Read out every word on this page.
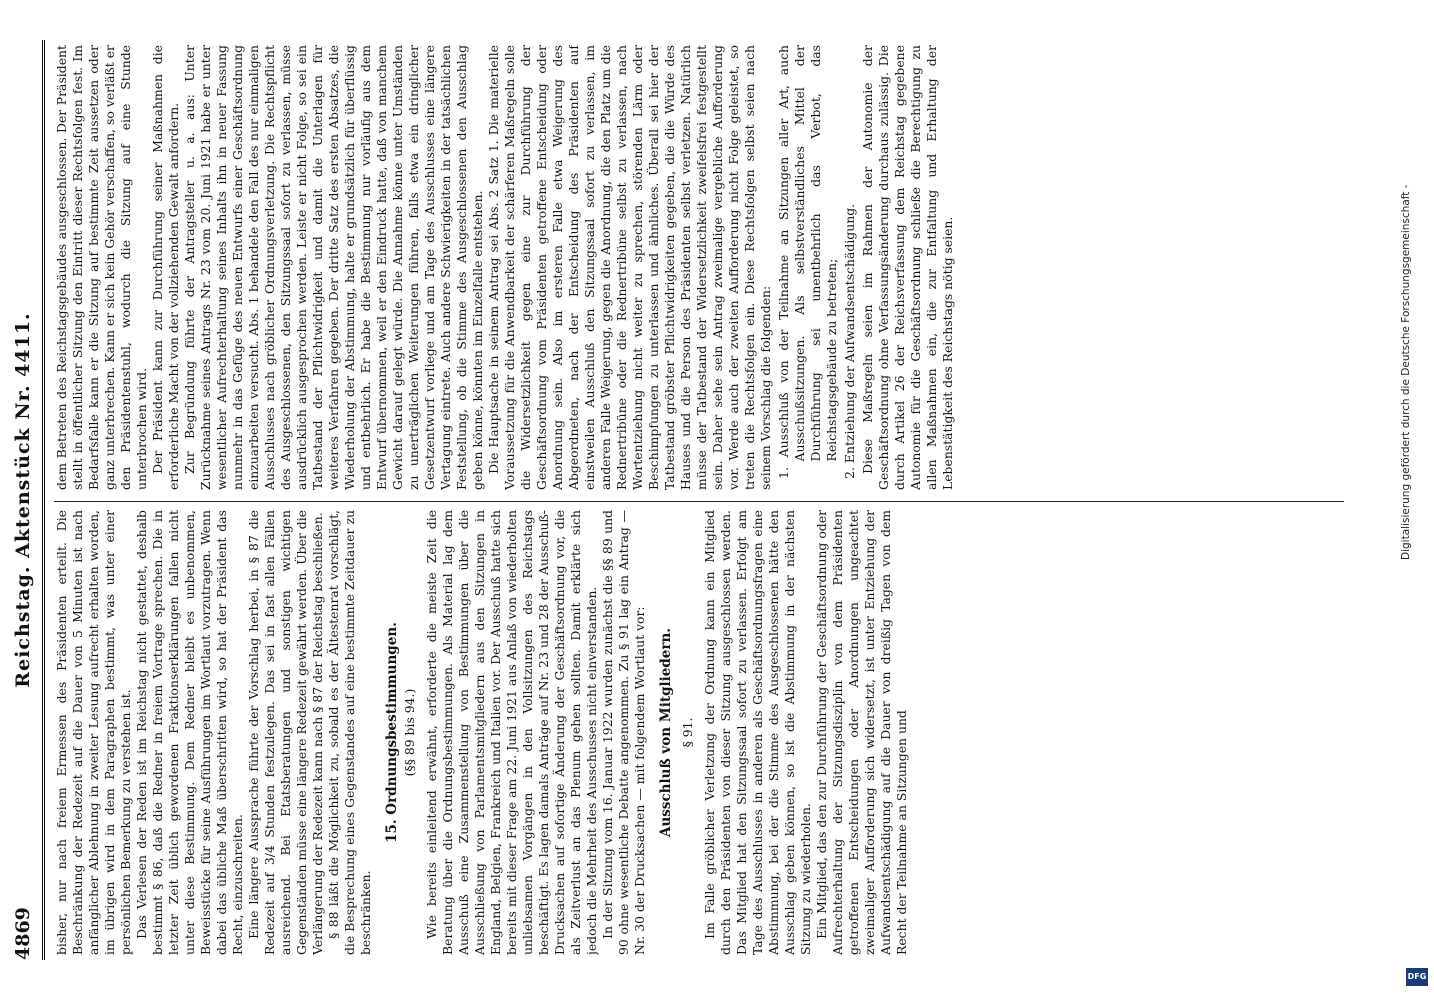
4869
Reichstag. Aktenstück Nr. 4411.

bisher, nur nach freiem Ermessen des Präsidenten erteilt. Die Beschränkung der Redezeit auf die Dauer von 5 Minuten ist nach anfänglicher Ablehnung in zweiter Lesung aufrecht erhalten worden, im übrigen wird in dem Paragraphen bestimmt, was unter einer persönlichen Bemerkung zu verstehen ist. Das Verlesen der Reden ist im Reichstag nicht gestattet, deshalb bestimmt § 86, daß die Redner in freiem Vortrage sprechen. Die in letzter Zeit üblich gewordenen Fraktionserklärungen fallen nicht unter diese Bestimmung. Dem Redner bleibt es unbenommen, Beweisstücke für seine Ausführungen im Wortlaut vorzutragen. Wenn dabei das übliche Maß überschritten wird, so hat der Präsident das Recht, einzuschreiten. Eine längere Aussprache führte der Vorschlag herbei, in § 87 die Redezeit auf 3/4 Stunden festzulegen. Das sei in fast allen Fällen ausreichend. Bei Etatsberatungen und sonstigen wichtigen Gegenständen müsse eine längere Redezeit gewährt werden. Über die Verlängerung der Redezeit kann nach § 87 der Reichstag beschließen. § 88 läßt die Möglichkeit zu, sobald es der Ältestenrat vorschlägt, die Besprechung eines Gegenstandes auf eine bestimmte Zeitdauer zu beschränken.

15. Ordnungsbestimmungen. (§§ 89 bis 94.) Wie bereits einleitend erwähnt, erforderte die meiste Zeit die Beratung über die Ordnungsbestimmungen. Als Material lag dem Ausschuß eine Zusammenstellung von Bestimmungen über die Ausschließung von Parlamentsmitgliedern aus den Sitzungen in England, Belgien, Frankreich und Italien vor. Der Ausschuß hatte sich bereits mit dieser Frage am 22. Juni 1921 aus Anlaß von wiederholten unliebsamen Vorgängen in den Vollsitzungen des Reichstags beschäftigt. Es lagen damals Anträge auf Nr. 23 und 28 der Ausschuß-Drucksachen auf sofortige Änderung der Geschäftsordnung vor, die als Zeitverlust an das Plenum gehen sollten. Damit erklärte sich jedoch die Mehrheit des Ausschusses nicht einverstanden. In der Sitzung vom 16. Januar 1922 wurden zunächst die §§ 89 und 90 ohne wesentliche Debatte angenommen. Zu § 91 lag ein Antrag — Nr. 30 der Drucksachen — mit folgendem Wortlaut vor: Ausschluß von Mitgliedern. § 91. Im Falle gröblicher Verletzung der Ordnung kann ein Mitglied durch den Präsidenten von dieser Sitzung ausgeschlossen werden. Das Mitglied hat den Sitzungssaal sofort zu verlassen. Erfolgt am Tage des Ausschlusses in anderen als Geschäftsordnungsfragen eine Abstimmung, bei der die Stimme des Ausgeschlossenen hätte den Ausschlag geben können, so ist die Abstimmung in der nächsten Sitzung zu wiederholen. Ein Mitglied, das den zur Durchführung der Geschäftsordnung oder Aufrechterhaltung der Sitzungsdisziplin von dem Präsidenten getroffenen Entscheidungen oder Anordnungen ungeachtet zweimaliger Aufforderung sich widersetzt, ist unter Entziehung der Aufwandsentschädigung auf die Dauer von dreißig Tagen von dem Recht der Teilnahme an Sitzungen und

dem Betreten des Reichstagsgebäudes ausgeschlossen. Der Präsident stellt in öffentlicher Sitzung den Eintritt dieser Rechtsfolgen fest. Im Bedarfsfalle kann er die Sitzung auf bestimmte Zeit aussetzen oder ganz unterbrechen. Kann er sich kein Gehör verschaffen, so verläßt er den Präsidentenstuhl, wodurch die Sitzung auf eine Stunde unterbrochen wird. Der Präsident kann zur Durchführung seiner Maßnahmen die erforderliche Macht von der vollziehenden Gewalt anfordern. Zur Begründung führte der Antragsteller u. a. aus: Unter Zurücknahme seines Antrags Nr. 23 vom 20. Juni 1921 habe er unter wesentlicher Aufrechterhaltung seines Inhalts ihn in neuer Fassung nunmehr in das Gefüge des neuen Entwurfs einer Geschäftsordnung einzuarbeiten versucht. Abs. 1 behandele den Fall des nur einmaligen Ausschlusses nach gröblicher Ordnungsverletzung. Die Rechtspflicht des Ausgeschlossenen, den Sitzungssaal sofort zu verlassen, müsse ausdrücklich ausgesprochen werden. Leiste er nicht Folge, so sei ein Tatbestand der Pflichtwidrigkeit und damit die Unterlagen für weiteres Verfahren gegeben. Der dritte Satz des ersten Absatzes, die Wiederholung der Abstimmung, halte er grundsätzlich für überflüssig und entbehrlich. Er habe die Bestimmung nur vorläufig aus dem Entwurf übernommen, weil er den Eindruck hatte, daß von manchem Gewicht darauf gelegt würde. Die Annahme könne unter Umständen zu unerträglichen Weiterungen führen, falls etwa ein dringlicher Gesetzentwurf vorliege und am Tage des Ausschlusses eine längere Vertagung eintrete. Auch andere Schwierigkeiten in der tatsächlichen Feststellung, ob die Stimme des Ausgeschlossenen den Ausschlag geben könne, könnten im Einzelfalle entstehen. Die Hauptsache in seinem Antrag sei Abs. 2 Satz 1. Die materielle Voraussetzung für die Anwendbarkeit der schärferen Maßregeln solle die Widersetzlichkeit gegen eine zur Durchführung der Geschäftsordnung vom Präsidenten getroffene Entscheidung oder Anordnung sein. Also im ersteren Falle etwa Weigerung des Abgeordneten, nach der Entscheidung des Präsidenten auf einstweilen Ausschluß den Sitzungssaal sofort zu verlassen, im anderen Falle Weigerung, gegen die Anordnung, die den Platz um die Rednertribüne oder die Rednertribüne selbst zu verlassen, nach Wortentziehung nicht weiter zu sprechen, störenden Lärm oder Beschimpfungen zu unterlassen und ähnliches. Überall sei hier der Tatbestand gröbster Pflichtwidrigkeiten gegeben, die die Würde des Hauses und die Person des Präsidenten selbst verletzen. Natürlich müsse der Tatbestand der Widersetzlichkeit zweifelsfrei festgestellt sein. Daher sehe sein Antrag zweimalige vergebliche Aufforderung vor. Werde auch der zweiten Aufforderung nicht Folge geleistet, so treten die Rechtsfolgen ein. Diese Rechtsfolgen selbst seien nach seinem Vorschlag die folgenden: 1. Ausschluß von der Teilnahme an Sitzungen aller Art, auch Ausschußsitzungen. Als selbstverständliches Mittel der Durchführung sei unentbehrlich das Verbot, das Reichstagsgebäude zu betreten; 2. Entziehung der Aufwandsentschädigung. Diese Maßregeln seien im Rahmen der Autonomie der Geschäftsordnung ohne Verfassungsänderung durchaus zulässig. Die durch Artikel 26 der Reichsverfassung dem Reichstag gegebene Autonomie für die Geschäftsordnung schließe die Berechtigung zu allen Maßnahmen ein, die zur Entfaltung und Erhaltung der Lebenstätigkeit des Reichstags nötig seien.	Digitalisierung gefördert durch die Deutsche Forschungsgemeinschaft -
DFG
